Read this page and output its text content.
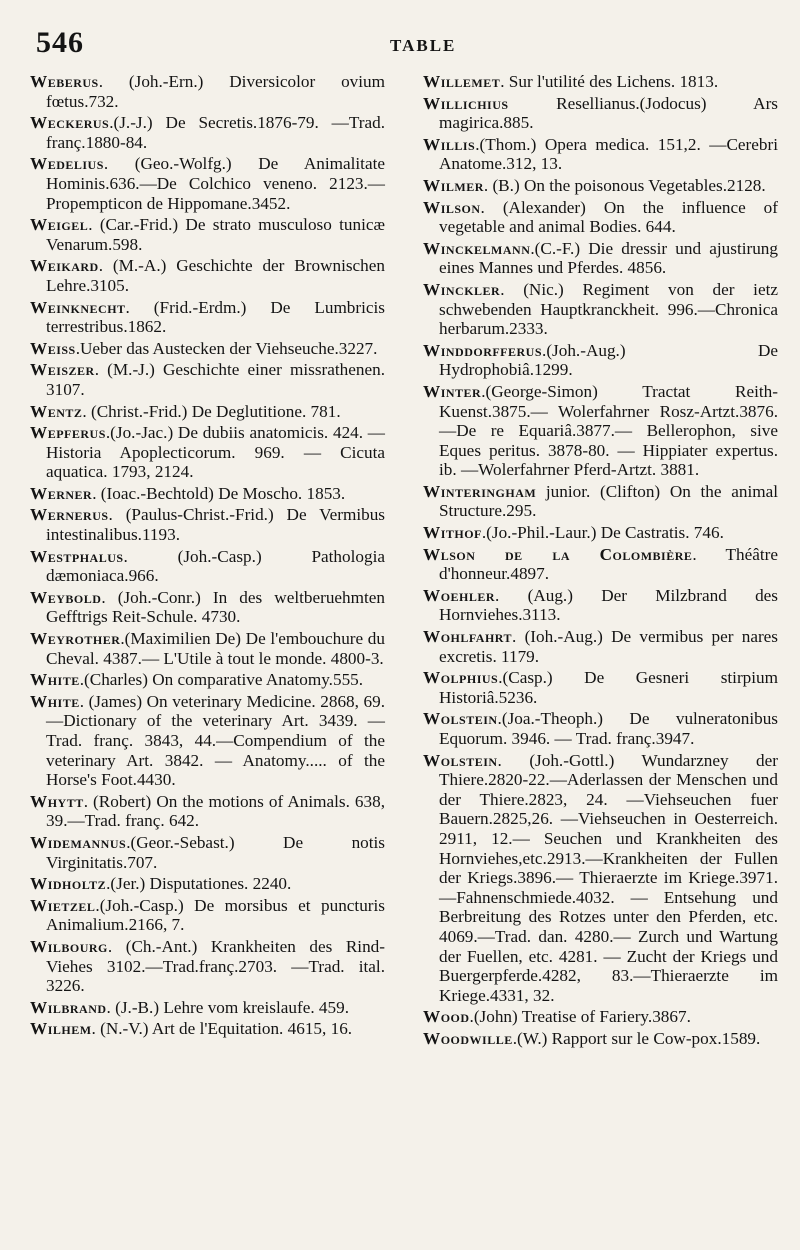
546	TABLE

Weberus. (Joh.-Ern.) Diversicolor ovium fœtus.732.

Weckerus.(J.-J.) De Secretis.1876-79. —Trad. franç.1880-84.

Wedelius. (Geo.-Wolfg.) De Animalitate Hominis.636.—De Colchico veneno. 2123.— Propempticon de Hippomane.3452.

Weigel. (Car.-Frid.) De strato musculoso tunicæ Venarum.598.

Weikard. (M.-A.) Geschichte der Brownischen Lehre.3105.

Weinknecht. (Frid.-Erdm.) De Lumbricis terrestribus.1862.

Weiss.Ueber das Austecken der Viehseuche.3227.

Weiszer. (M.-J.) Geschichte einer missrathenen. 3107.

Wentz. (Christ.-Frid.) De Deglutitione. 781.

Wepferus.(Jo.-Jac.) De dubiis anatomicis. 424. — Historia Apoplecticorum. 969. — Cicuta aquatica. 1793, 2124.

Werner. (Ioac.-Bechtold) De Moscho. 1853.

Wernerus. (Paulus-Christ.-Frid.) De Vermibus intestinalibus.1193.

Westphalus. (Joh.-Casp.) Pathologia dæmoniaca.966.

Weybold. (Joh.-Conr.) In des weltberuehmten Gefftrigs Reit-Schule. 4730.

Weyrother.(Maximilien De) De l'embouchure du Cheval. 4387.— L'Utile à tout le monde. 4800-3.

White.(Charles) On comparative Anatomy.555.

White. (James) On veterinary Medicine. 2868, 69.—Dictionary of the veterinary Art. 3439. — Trad. franç. 3843, 44.—Compendium of the veterinary Art. 3842. — Anatomy..... of the Horse's Foot.4430.

Whytt. (Robert) On the motions of Animals. 638, 39.—Trad. franç. 642.

Widemannus.(Geor.-Sebast.) De notis Virginitatis.707.

Widholtz.(Jer.) Disputationes. 2240.

Wietzel.(Joh.-Casp.) De morsibus et puncturis Animalium.2166, 7.

Wilbourg. (Ch.-Ant.) Krankheiten des Rind-Viehes 3102.—Trad.franç.2703. —Trad. ital. 3226.

Wilbrand. (J.-B.) Lehre vom kreislaufe. 459.

Wilhem. (N.-V.) Art de l'Equitation. 4615, 16.

Willemet. Sur l'utilité des Lichens. 1813.

Willichius Resellianus.(Jodocus) Ars magirica.885.

Willis.(Thom.) Opera medica. 151,2. —Cerebri Anatome.312, 13.

Wilmer. (B.) On the poisonous Vegetables.2128.

Wilson. (Alexander) On the influence of vegetable and animal Bodies. 644.

Winckelmann.(C.-F.) Die dressir und ajustirung eines Mannes und Pferdes. 4856.

Winckler. (Nic.) Regiment von der ietz schwebenden Hauptkranckheit. 996.—Chronica herbarum.2333.

Winddorfferus.(Joh.-Aug.) De Hydrophobiâ.1299.

Winter.(George-Simon) Tractat Reith-Kuenst.3875.— Wolerfahrner Rosz-Artzt.3876.—De re Equariâ.3877.— Bellerophon, sive Eques peritus. 3878-80. — Hippiater expertus. ib. —Wolerfahrner Pferd-Artzt. 3881.

Winteringham junior. (Clifton) On the animal Structure.295.

Withof.(Jo.-Phil.-Laur.) De Castratis. 746.

Wlson de la Colombière. Théâtre d'honneur.4897.

Woehler. (Aug.) Der Milzbrand des Hornviehes.3113.

Wohlfahrt. (Ioh.-Aug.) De vermibus per nares excretis. 1179.

Wolphius.(Casp.) De Gesneri stirpium Historiâ.5236.

Wolstein.(Joa.-Theoph.) De vulneratonibus Equorum. 3946. — Trad. franç.3947.

Wolstein. (Joh.-Gottl.) Wundarzney der Thiere.2820-22.—Aderlassen der Menschen und der Thiere.2823, 24. —Viehseuchen fuer Bauern.2825,26. —Viehseuchen in Oesterreich. 2911, 12.— Seuchen und Krankheiten des Hornviehes,etc.2913.—Krankheiten der Fullen der Kriegs.3896.— Thieraerzte im Kriege.3971.—Fahnenschmiede.4032. — Entsehung und Berbreitung des Rotzes unter den Pferden, etc. 4069.—Trad. dan. 4280.— Zurch und Wartung der Fuellen, etc. 4281. — Zucht der Kriegs und Buergerpferde.4282, 83.—Thieraerzte im Kriege.4331, 32.

Wood.(John) Treatise of Fariery.3867.

Woodwille.(W.) Rapport sur le Cow-pox.1589.
